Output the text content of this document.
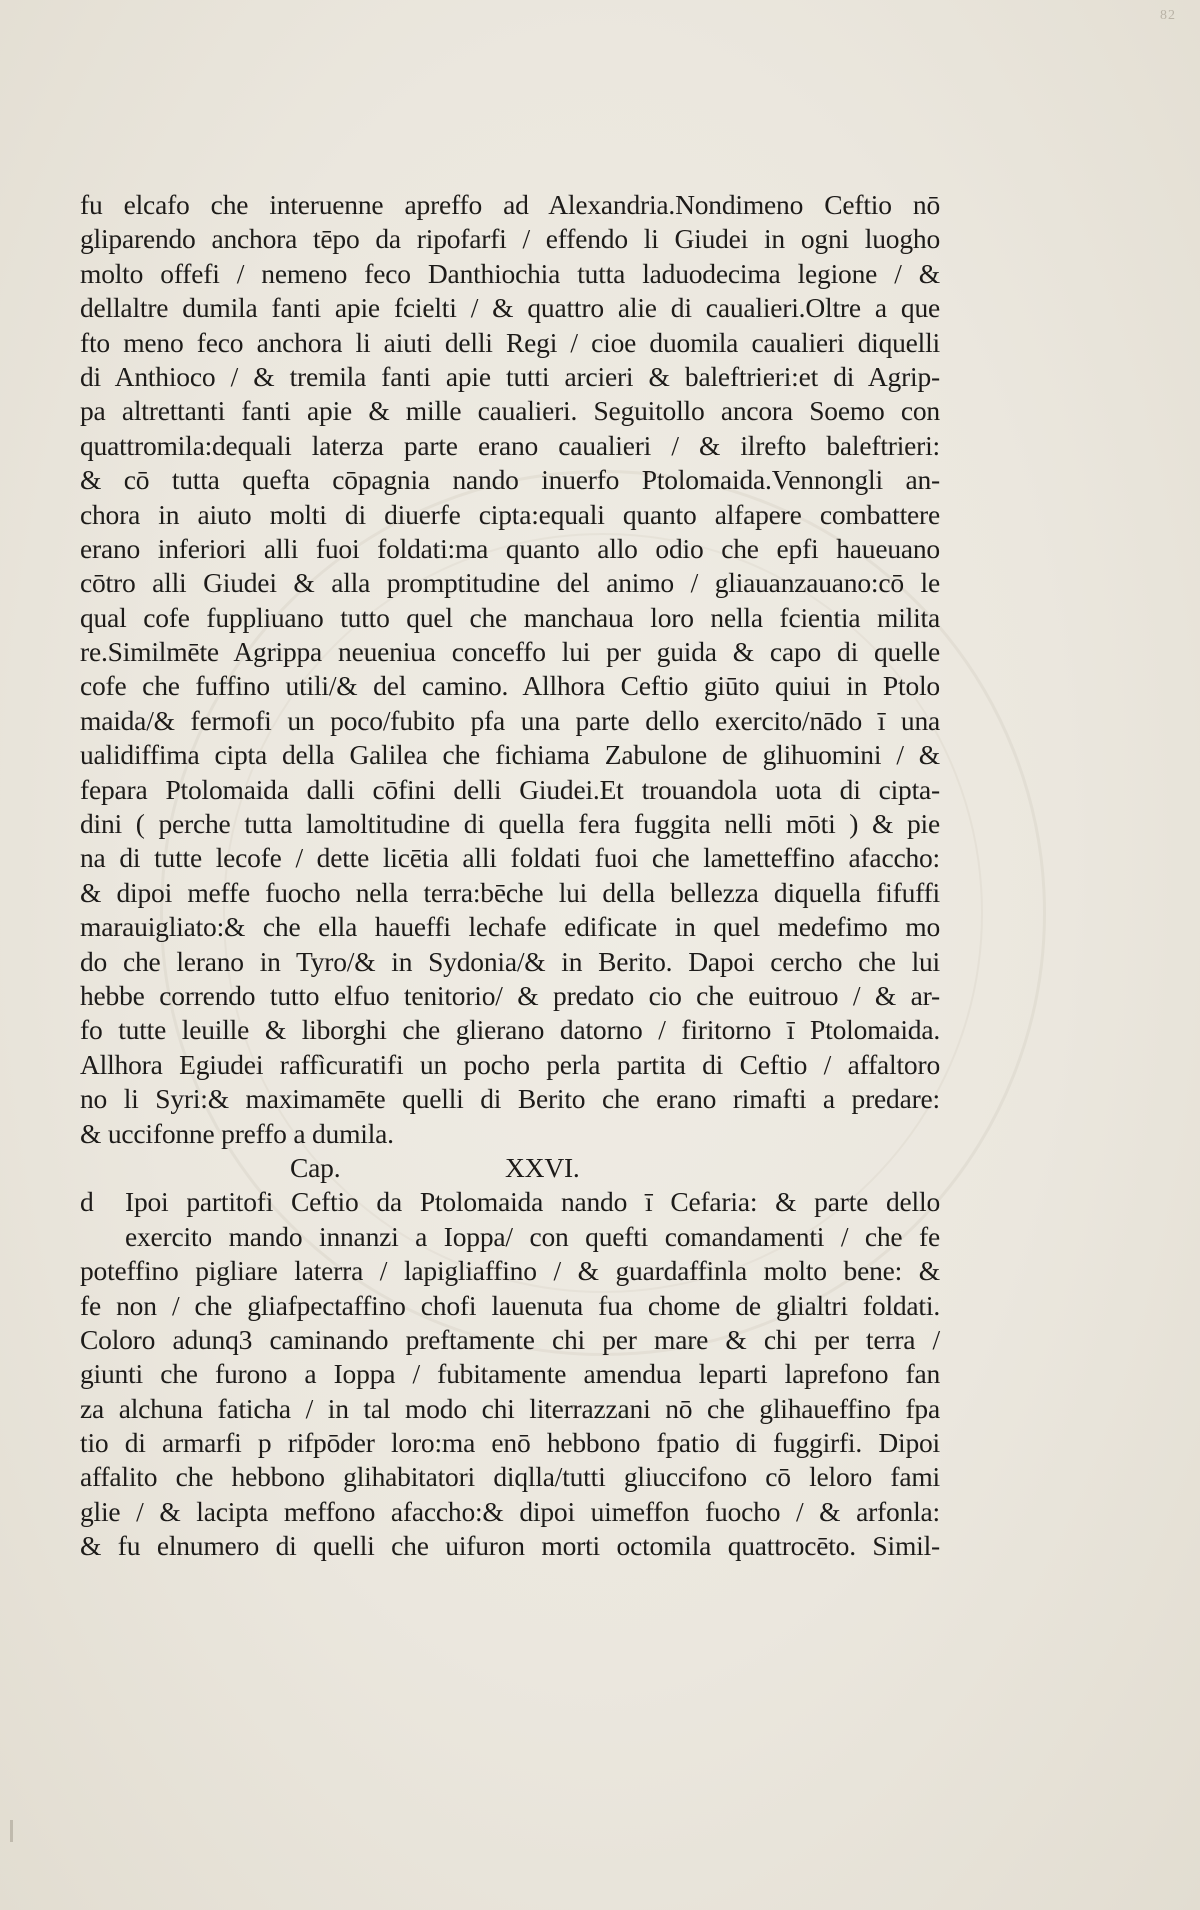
82
fu elcafo che interuenne apreffo ad Alexandria.Nondimeno Ceftio nō
gliparendo anchora tēpo da ripofarfi / effendo li Giudei in ogni luogho
molto offefi / nemeno feco Danthiochia tutta laduodecima legione / &
dellaltre dumila fanti apie fcielti / & quattro alie di caualieri.Oltre a que
fto meno feco anchora li aiuti delli Regi / cioe duomila caualieri diquelli
di Anthioco / & tremila fanti apie tutti arcieri & baleftrieri:et di Agrip-
pa altrettanti fanti apie & mille caualieri. Seguitollo ancora Soemo con
quattromila:dequali laterza parte erano caualieri / & ilrefto baleftrieri:
& cō tutta quefta cōpagnia nando inuerfo Ptolomaida.Vennongli an-
chora in aiuto molti di diuerfe cipta:equali quanto alfapere combattere
erano inferiori alli fuoi foldati:ma quanto allo odio che epfi haueuano
cōtro alli Giudei & alla promptitudine del animo / gliauanzauano:cō le
qual cofe fuppliuano tutto quel che manchaua loro nella fcientia milita
re.Similmēte Agrippa neueniua conceffo lui per guida & capo di quelle
cofe che fuffino utili/& del camino. Allhora Ceftio giūto quiui in Ptolo
maida/& fermofi un poco/fubito pfa una parte dello exercito/nādo ī una
ualidiffima cipta della Galilea che fichiama Zabulone de glihuomini / &
fepara Ptolomaida dalli cōfini delli Giudei.Et trouandola uota di cipta-
dini ( perche tutta lamoltitudine di quella fera fuggita nelli mōti ) & pie
na di tutte lecofe / dette licētia alli foldati fuoi che lametteffino afaccho:
& dipoi meffe fuocho nella terra:bēche lui della bellezza diquella fifuffi
marauigliato:& che ella haueffi lechafe edificate in quel medefimo mo
do che lerano in Tyro/& in Sydonia/& in Berito. Dapoi cercho che lui
hebbe correndo tutto elfuo tenitorio/ & predato cio che euitrouo / & ar-
fo tutte leuille & liborghi che glierano datorno / firitorno ī Ptolomaida.
Allhora Egiudei raffìcuratifi un pocho perla partita di Ceftio / affaltoro
no li Syri:& maximamēte quelli di Berito che erano rimafti a predare:
& uccifonne preffo a dumila.
Cap.	XXVI.
d Ipoi partitofi Ceftio da Ptolomaida nando ī Cefaria: & parte dello
exercito mando innanzi a Ioppa/ con quefti comandamenti / che fe
poteffino pigliare laterra / lapigliaffino / & guardaffinla molto bene: &
fe non / che gliafpectaffino chofi lauenuta fua chome de glialtri foldati.
Coloro adunq3 caminando preftamente chi per mare & chi per terra /
giunti che furono a Ioppa / fubitamente amendua leparti laprefono fan
za alchuna faticha / in tal modo chi literrazzani nō che glihaueffino fpa
tio di armarfi p rifpōder loro:ma enō hebbono fpatio di fuggirfi. Dipoi
affalito che hebbono glihabitatori diqlla/tutti gliuccifono cō leloro fami
glie / & lacipta meffono afaccho:& dipoi uimeffon fuocho / & arfonla:
& fu elnumero di quelli che uifuron morti octomila quattrocēto. Simil-
